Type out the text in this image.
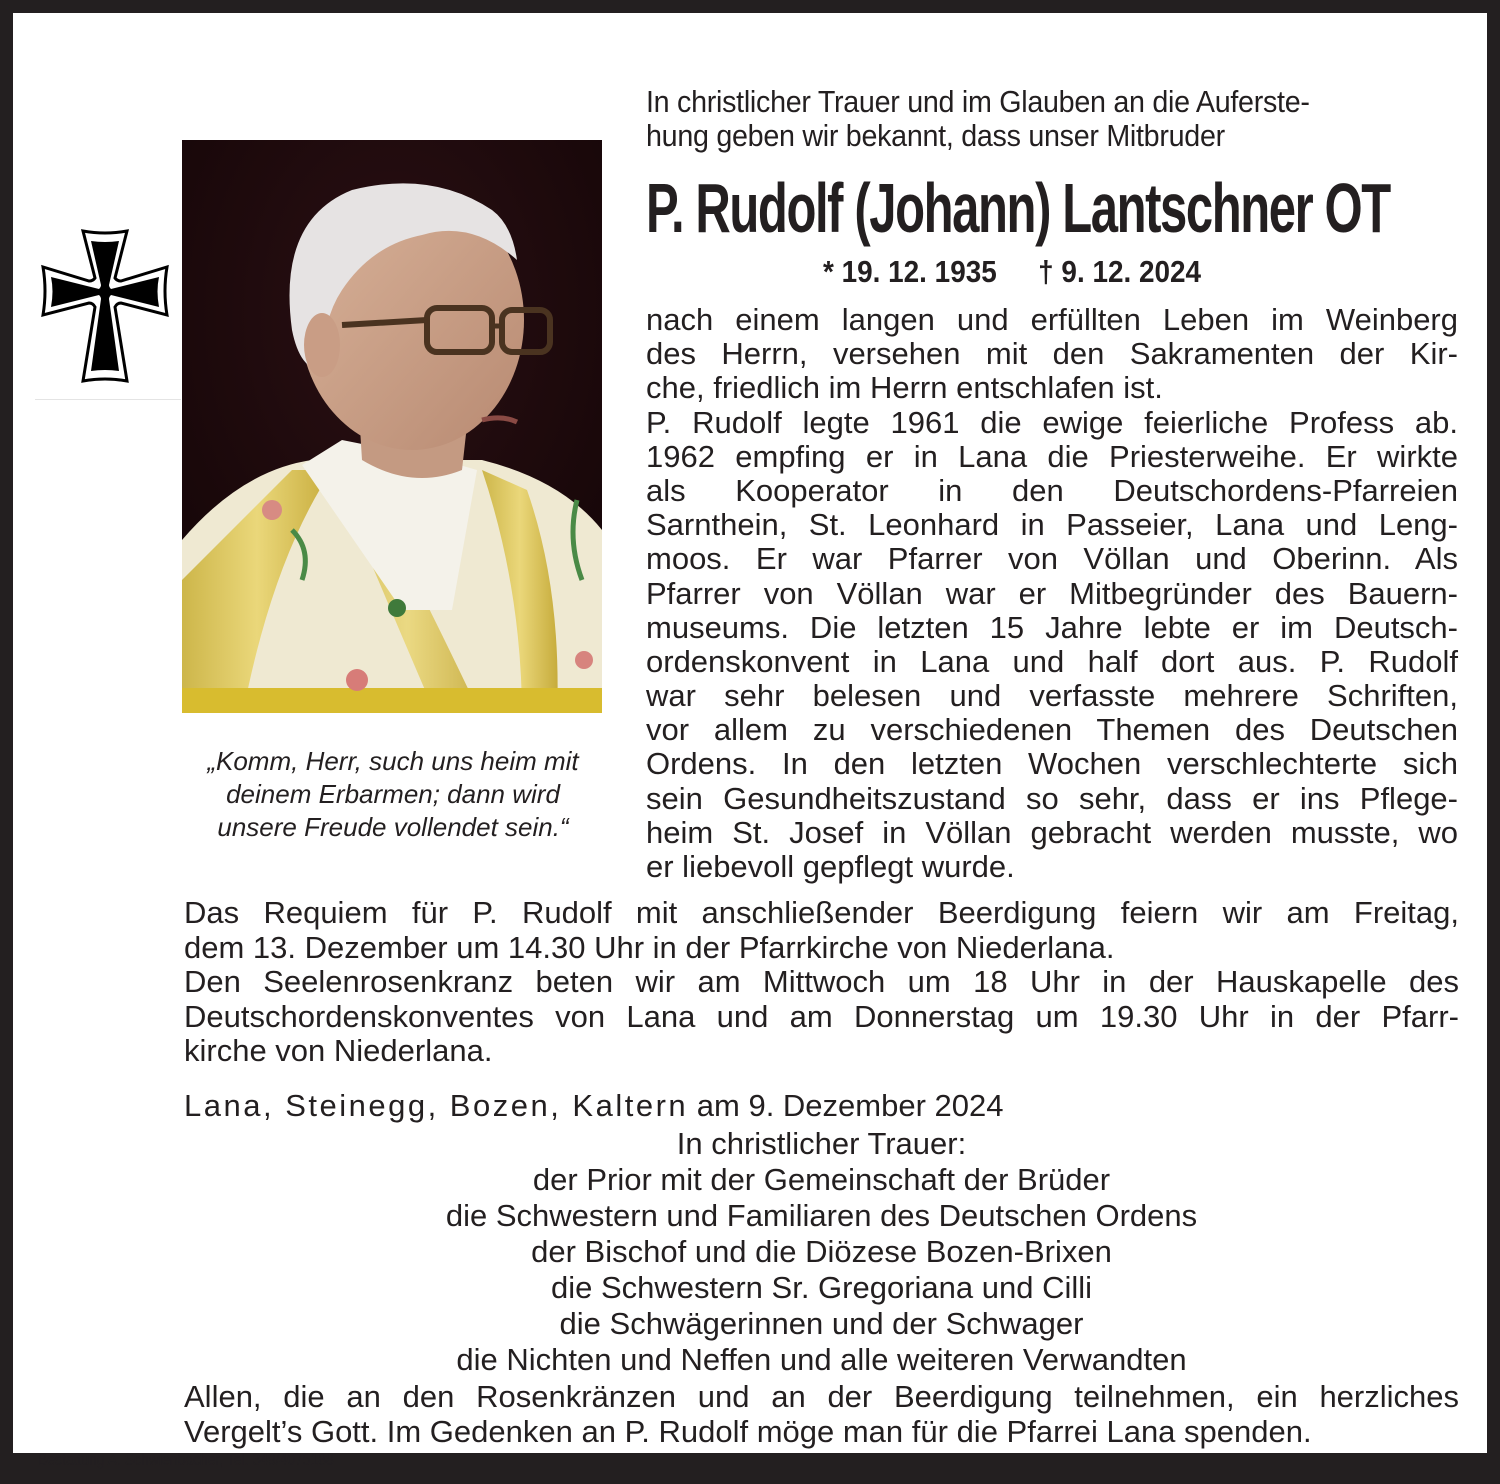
„Komm, Herr, such uns heim mit
deinem Erbarmen; dann wird
unsere Freude vollendet sein.“
In christlicher Trauer und im Glauben an die Auferste-
hung geben wir bekannt, dass unser Mitbruder
P. Rudolf (Johann) Lantschner OT
* 19. 12. 1935 † 9. 12. 2024
nach einem langen und erfüllten Leben im Weinberg
des Herrn, versehen mit den Sakramenten der Kir-
che, friedlich im Herrn entschlafen ist.
P. Rudolf legte 1961 die ewige feierliche Profess ab.
1962 empfing er in Lana die Priesterweihe. Er wirkte
als Kooperator in den Deutschordens-Pfarreien
Sarnthein, St. Leonhard in Passeier, Lana und Leng-
moos. Er war Pfarrer von Völlan und Oberinn. Als
Pfarrer von Völlan war er Mitbegründer des Bauern-
museums. Die letzten 15 Jahre lebte er im Deutsch-
ordenskonvent in Lana und half dort aus. P. Rudolf
war sehr belesen und verfasste mehrere Schriften,
vor allem zu verschiedenen Themen des Deutschen
Ordens. In den letzten Wochen verschlechterte sich
sein Gesundheitszustand so sehr, dass er ins Pflege-
heim St. Josef in Völlan gebracht werden musste, wo
er liebevoll gepflegt wurde.
Das Requiem für P. Rudolf mit anschließender Beerdigung feiern wir am Freitag,
dem 13. Dezember um 14.30 Uhr in der Pfarrkirche von Niederlana.
Den Seelenrosenkranz beten wir am Mittwoch um 18 Uhr in der Hauskapelle des
Deutschordenskonventes von Lana und am Donnerstag um 19.30 Uhr in der Pfarr-
kirche von Niederlana.
Lana, Steinegg, Bozen, Kaltern am 9. Dezember 2024
In christlicher Trauer:
der Prior mit der Gemeinschaft der Brüder
die Schwestern und Familiaren des Deutschen Ordens
der Bischof und die Diözese Bozen-Brixen
die Schwestern Sr. Gregoriana und Cilli
die Schwägerinnen und der Schwager
die Nichten und Neffen und alle weiteren Verwandten
Allen, die an den Rosenkränzen und an der Beerdigung teilnehmen, ein herzliches
Vergelt’s Gott. Im Gedenken an P. Rudolf möge man für die Pfarrei Lana spenden.
Bestattung A. Schwienbacher, Tel. 349/4075188
